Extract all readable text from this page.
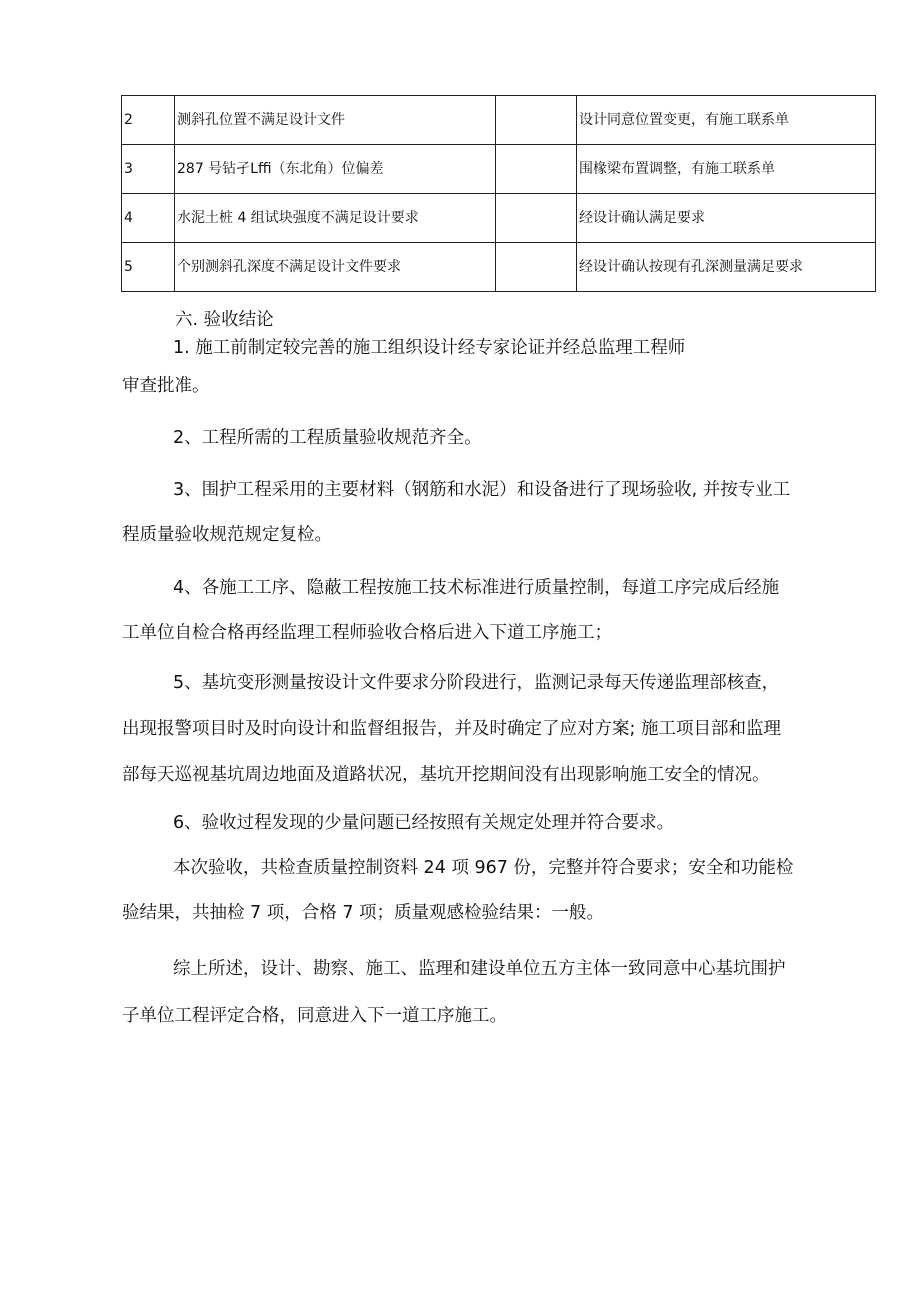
2	测斜孔位置不满足设计文件		设计同意位置变更，有施工联系单

3	287 号钻孑Lffi（东北角）位偏差		围椽梁布置调整，有施工联系单

4	水泥土桩 4 组试块强度不满足设计要求		经设计确认满足要求

5	个别测斜孔深度不满足设计文件要求		经设计确认按现有孔深测量满足要求

六. 验收结论

1. 施工前制定较完善的施工组织设计经专家论证并经总监理工程师

审查批准。

2、工程所需的工程质量验收规范齐全。

3、围护工程采用的主要材料（钢筋和水泥）和设备进行了现场验收, 并按专业工

程质量验收规范规定复检。

4、各施工工序、隐蔽工程按施工技术标准进行质量控制，每道工序完成后经施

工单位自检合格再经监理工程师验收合格后进入下道工序施工；

5、基坑变形测量按设计文件要求分阶段进行，监测记录每天传递监理部核查，

出现报警项目时及时向设计和监督组报告，并及时确定了应对方案; 施工项目部和监理

部每天巡视基坑周边地面及道路状况，基坑开挖期间没有出现影响施工安全的情况。

6、验收过程发现的少量问题已经按照有关规定处理并符合要求。

本次验收，共检查质量控制资料 24 项 967 份，完整并符合要求；安全和功能检

验结果，共抽检 7 项，合格 7 项；质量观感检验结果：一般。

综上所述，设计、勘察、施工、监理和建设单位五方主体一致同意中心基坑围护

子单位工程评定合格，同意进入下一道工序施工。
